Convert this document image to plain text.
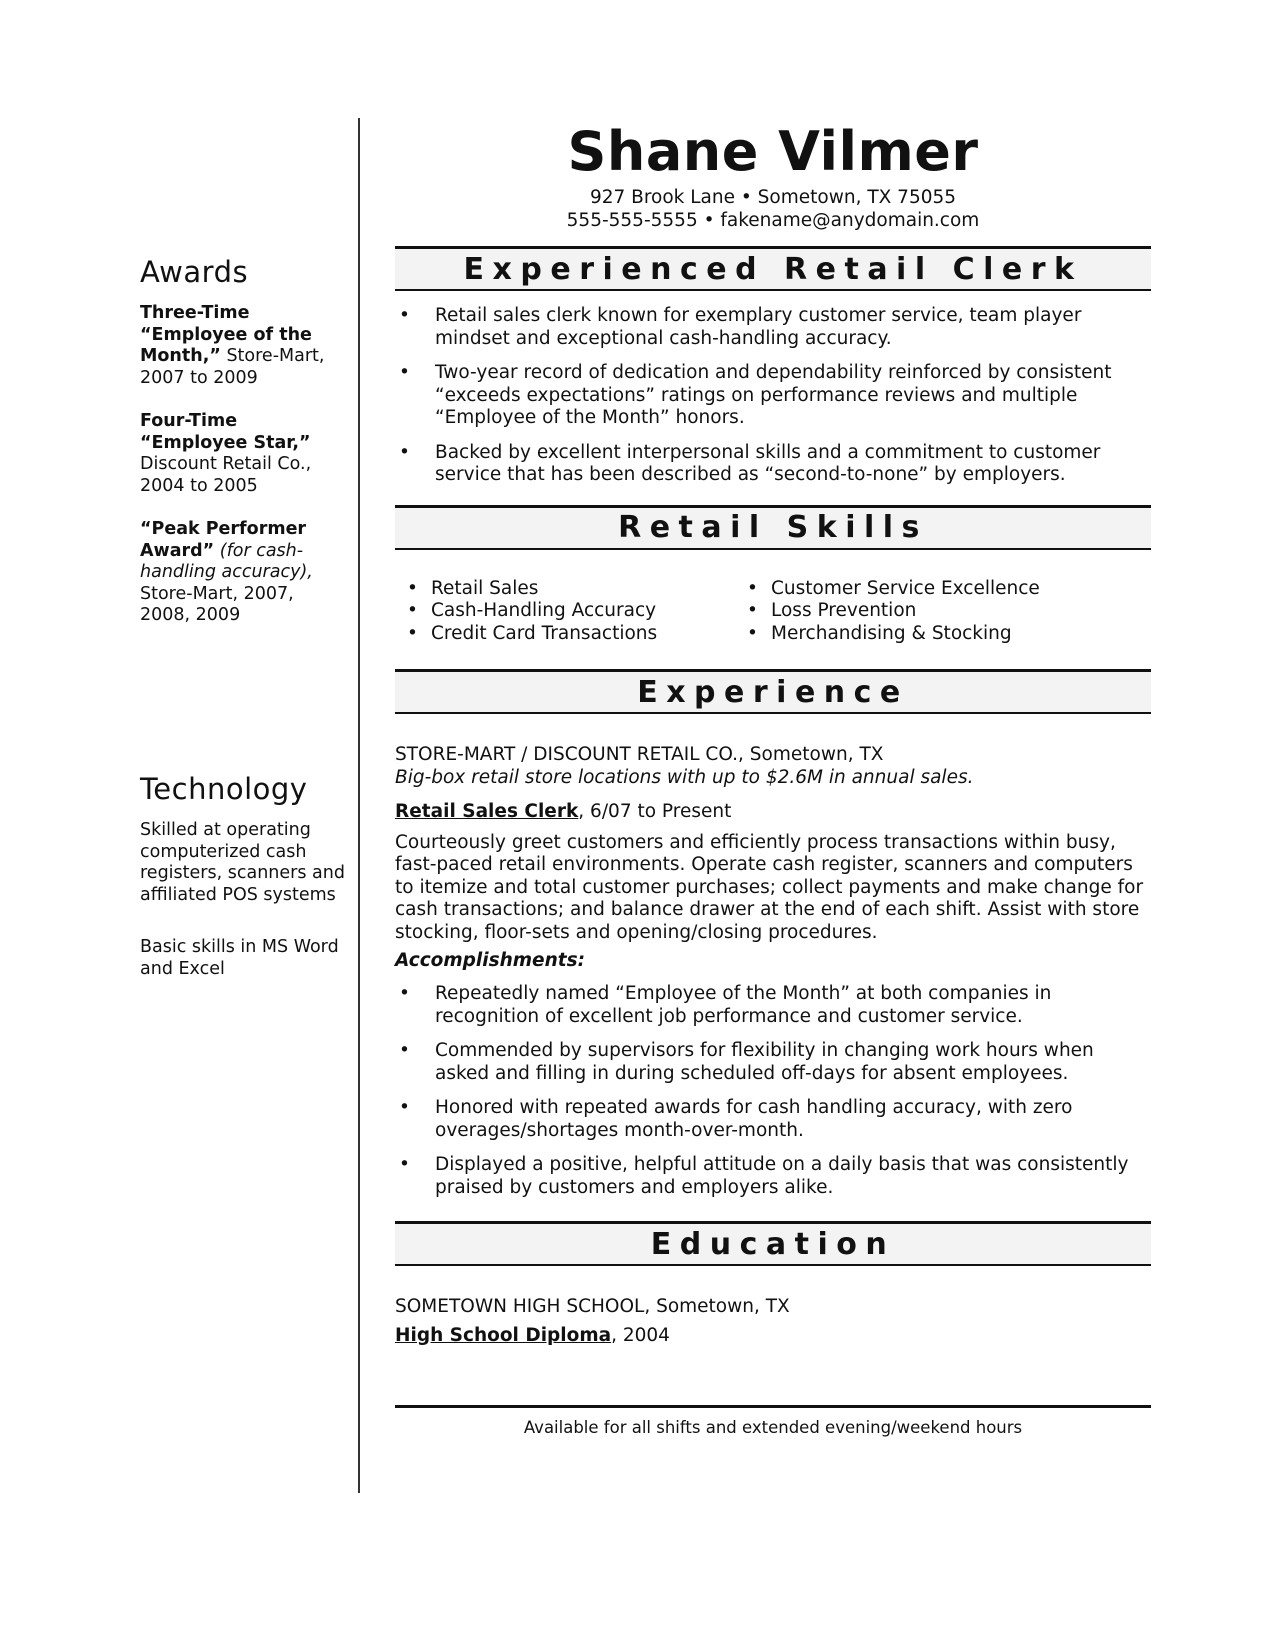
Awards
Three-Time “Employee of the Month,” Store-Mart, 2007 to 2009
Four-Time “Employee Star,” Discount Retail Co., 2004 to 2005
“Peak Performer Award” (for cash-handling accuracy), Store-Mart, 2007, 2008, 2009
Technology
Skilled at operating computerized cash registers, scanners and affiliated POS systems
Basic skills in MS Word and Excel
Shane Vilmer
927 Brook Lane • Sometown, TX 75055
555-555-5555 • fakename@anydomain.com
Experienced Retail Clerk
• Retail sales clerk known for exemplary customer service, team player mindset and exceptional cash-handling accuracy.
• Two-year record of dedication and dependability reinforced by consistent “exceeds expectations” ratings on performance reviews and multiple “Employee of the Month” honors.
• Backed by excellent interpersonal skills and a commitment to customer service that has been described as “second-to-none” by employers.
Retail Skills
• Retail Sales
• Cash-Handling Accuracy
• Credit Card Transactions
• Customer Service Excellence
• Loss Prevention
• Merchandising & Stocking
Experience
STORE-MART / DISCOUNT RETAIL CO., Sometown, TX
Big-box retail store locations with up to $2.6M in annual sales.
Retail Sales Clerk, 6/07 to Present
Courteously greet customers and efficiently process transactions within busy, fast-paced retail environments. Operate cash register, scanners and computers to itemize and total customer purchases; collect payments and make change for cash transactions; and balance drawer at the end of each shift. Assist with store stocking, floor-sets and opening/closing procedures.
Accomplishments:
• Repeatedly named “Employee of the Month” at both companies in recognition of excellent job performance and customer service.
• Commended by supervisors for flexibility in changing work hours when asked and filling in during scheduled off-days for absent employees.
• Honored with repeated awards for cash handling accuracy, with zero overages/shortages month-over-month.
• Displayed a positive, helpful attitude on a daily basis that was consistently praised by customers and employers alike.
Education
SOMETOWN HIGH SCHOOL, Sometown, TX
High School Diploma, 2004
Available for all shifts and extended evening/weekend hours
